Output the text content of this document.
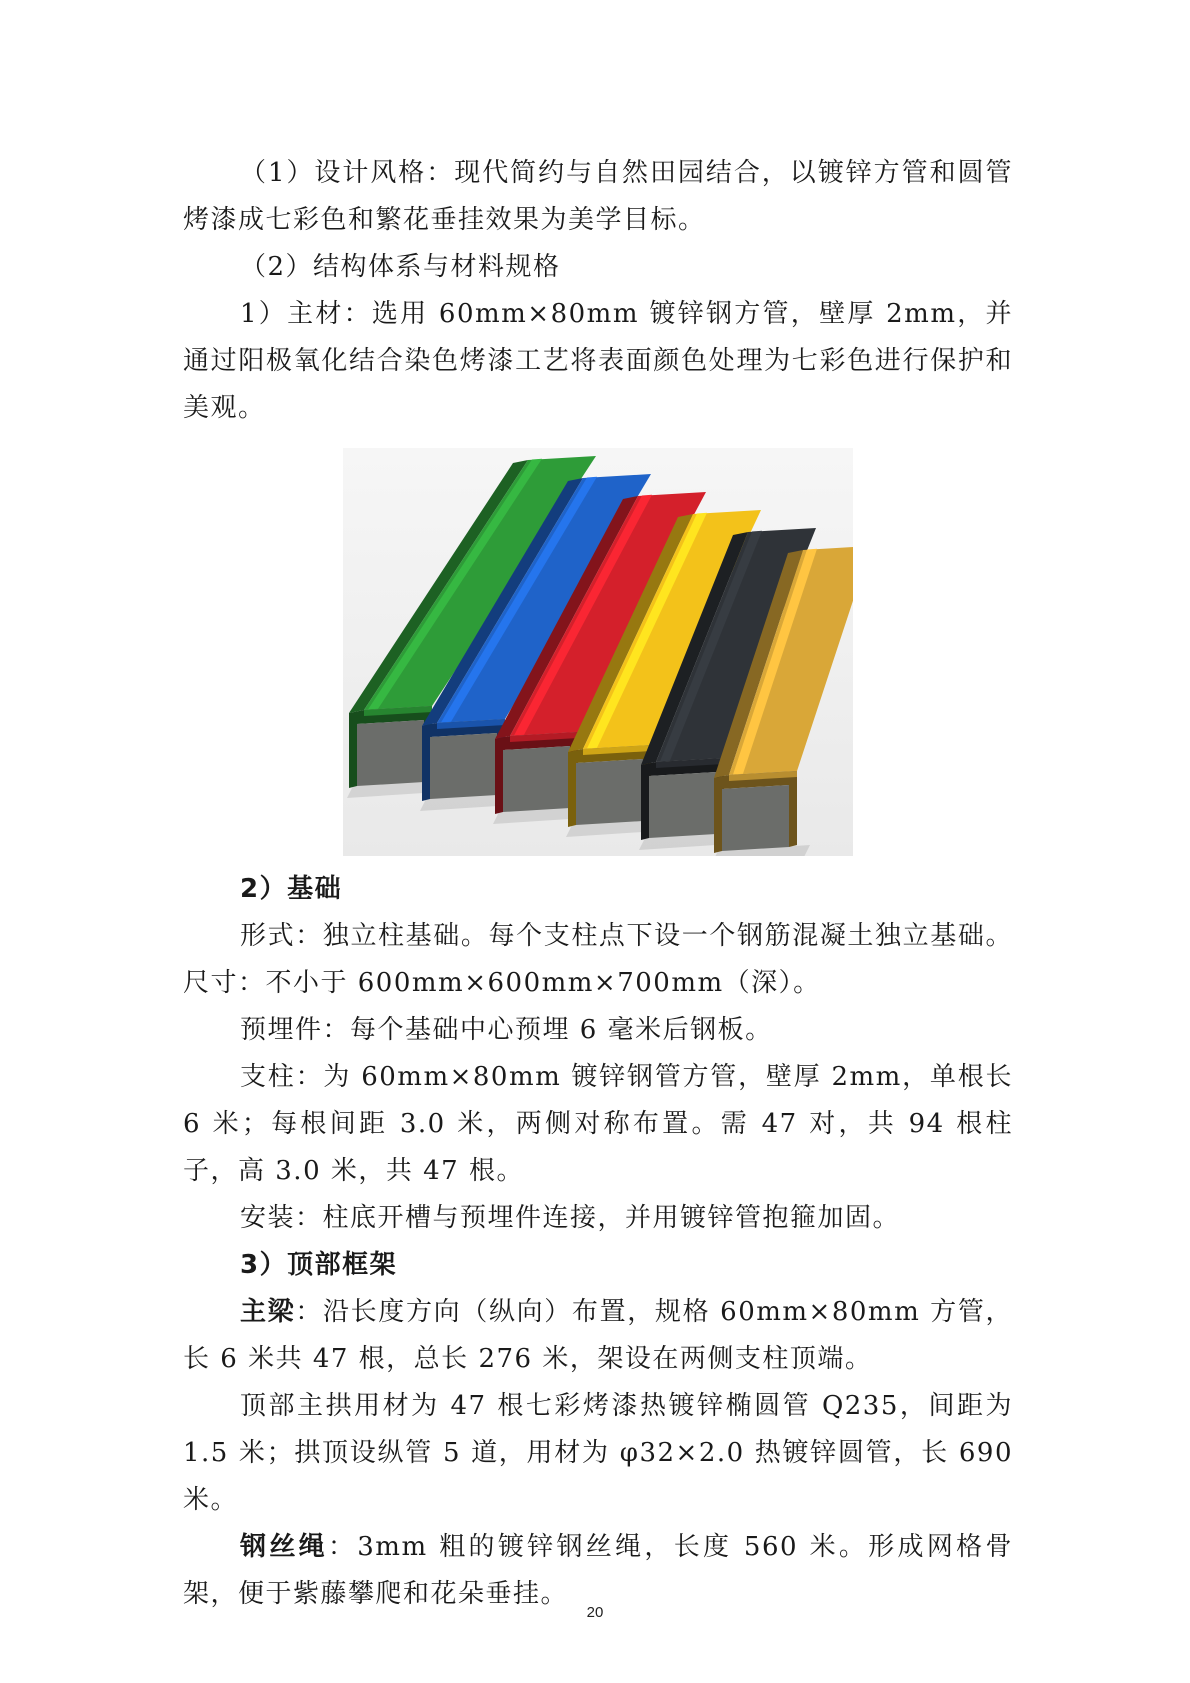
（1）设计风格：现代简约与自然田园结合，以镀锌方管和圆管烤漆成七彩色和繁花垂挂效果为美学目标。

（2）结构体系与材料规格

1）主材：选用 60mm×80mm 镀锌钢方管，壁厚 2mm，并通过阳极氧化结合染色烤漆工艺将表面颜色处理为七彩色进行保护和美观。

2）基础

形式：独立柱基础。每个支柱点下设一个钢筋混凝土独立基础。尺寸：不小于 600mm×600mm×700mm（深）。

预埋件：每个基础中心预埋 6 毫米后钢板。

支柱：为 60mm×80mm 镀锌钢管方管，壁厚 2mm，单根长 6 米；每根间距 3.0 米，两侧对称布置。需 47 对，共 94 根柱子，高 3.0 米，共 47 根。

安装：柱底开槽与预埋件连接，并用镀锌管抱箍加固。

3）顶部框架

主梁：沿长度方向（纵向）布置，规格 60mm×80mm 方管，长 6 米共 47 根，总长 276 米，架设在两侧支柱顶端。

顶部主拱用材为 47 根七彩烤漆热镀锌椭圆管 Q235，间距为 1.5 米；拱顶设纵管 5 道，用材为 φ32×2.0 热镀锌圆管，长 690 米。

钢丝绳：3mm 粗的镀锌钢丝绳，长度 560 米。形成网格骨架，便于紫藤攀爬和花朵垂挂。

20
